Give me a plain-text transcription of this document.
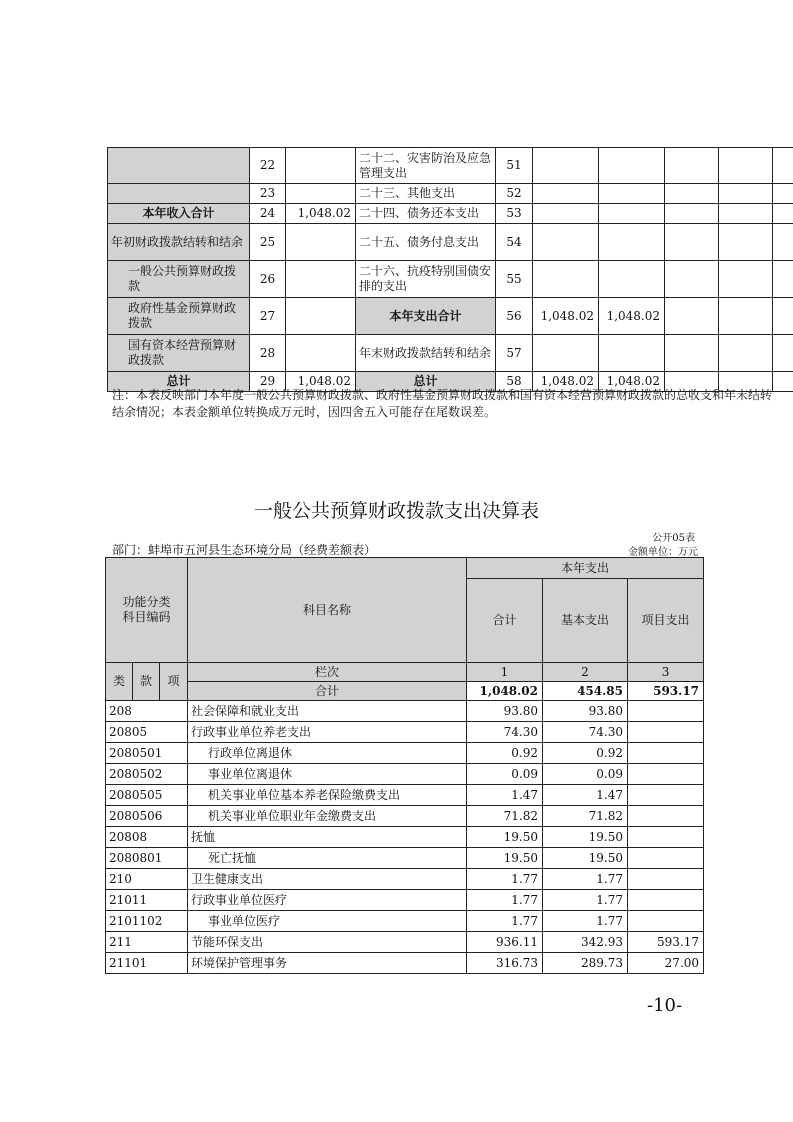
	22		二十二、灾害防治及应急管理支出	51					
	23		二十三、其他支出	52					
本年收入合计	24	1,048.02	二十四、债务还本支出	53					
年初财政拨款结转和结余	25		二十五、债务付息支出	54					
一般公共预算财政拨款	26		二十六、抗疫特别国债安排的支出	55					
政府性基金预算财政拨款	27		本年支出合计	56	1,048.02	1,048.02			
国有资本经营预算财政拨款	28		年末财政拨款结转和结余	57					
总计	29	1,048.02	总计	58	1,048.02	1,048.02			
注：本表反映部门本年度一般公共预算财政拨款、政府性基金预算财政拨款和国有资本经营预算财政拨款的总收支和年末结转结余情况；本表金额单位转换成万元时，因四舍五入可能存在尾数误差。
一般公共预算财政拨款支出决算表
公开05表
部门：蚌埠市五河县生态环境分局（经费差额表）	金额单位：万元
功能分类科目编码			科目名称	本年支出		
				合计	基本支出	项目支出

类	款	项	栏次	1	2	3
			合计	1,048.02	454.85	593.17
208			社会保障和就业支出	93.80	93.80	
20805			行政事业单位养老支出	74.30	74.30	
2080501			行政单位离退休	0.92	0.92	
2080502			事业单位离退休	0.09	0.09	
2080505			机关事业单位基本养老保险缴费支出	1.47	1.47	
2080506			机关事业单位职业年金缴费支出	71.82	71.82	
20808			抚恤	19.50	19.50	
2080801			死亡抚恤	19.50	19.50	
210			卫生健康支出	1.77	1.77	
21011			行政事业单位医疗	1.77	1.77	
2101102			事业单位医疗	1.77	1.77	
211			节能环保支出	936.11	342.93	593.17
21101			环境保护管理事务	316.73	289.73	27.00
-10-
